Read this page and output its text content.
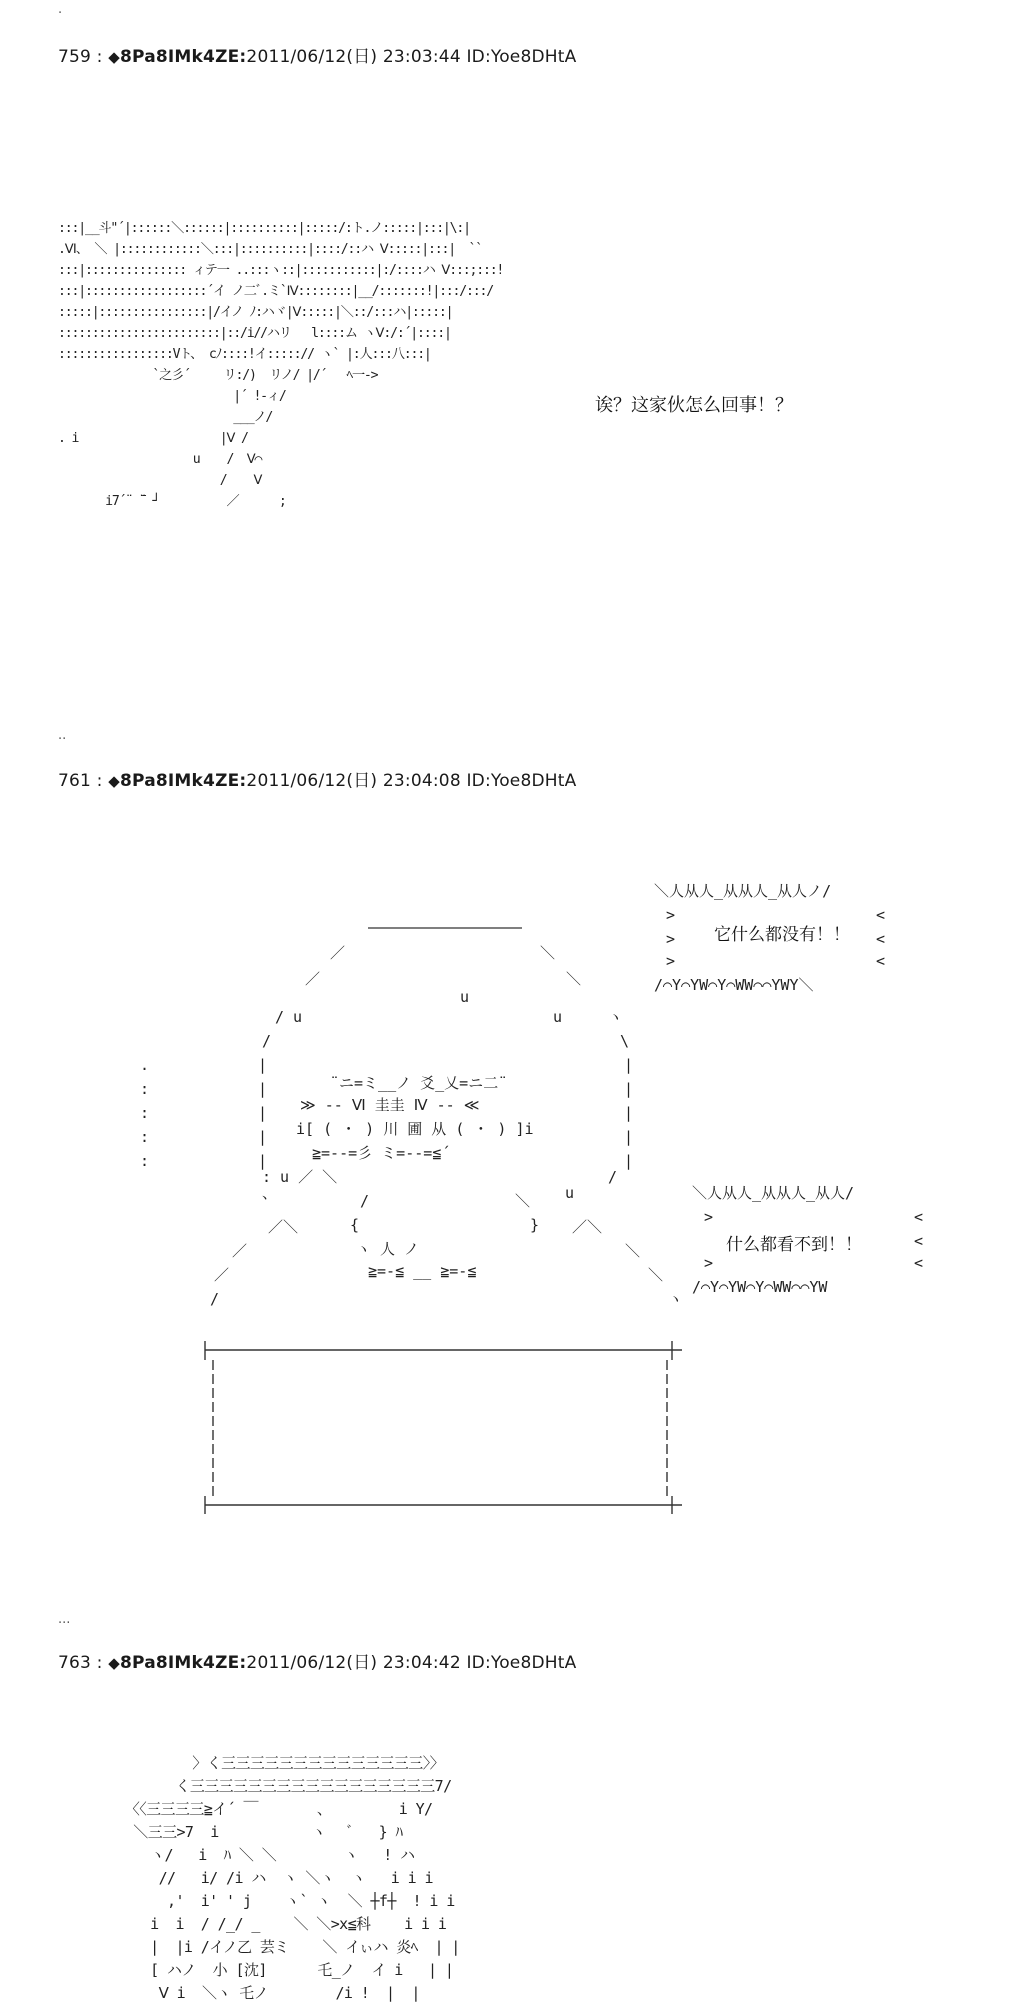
.
..
...
759 : ◆8Pa8IMk4ZE:2011/06/12(日) 23:03:44 ID:Yoe8DHtA
:::|__斗"´|::::::＼::::::|::::::::::|:::::/:ト.ノ:::::|:::|\:|
.Ⅵ、 ＼ |::::::::::::＼:::|::::::::::|::::/::ハ Ⅴ:::::|:::|  ``
:::|::::::::::::::: ィテ一 ..:::ヽ::|:::::::::::|:/::::ハ Ⅴ:::;:::!
:::|::::::::::::::::::´イ ノ二ﾞ.ミ`Ⅳ::::::::|__/:::::::!|:::/:::/
:::::|::::::::::::::::|/イノ ﾉ:ハヾ|Ⅴ:::::|＼::/:::ハ|:::::|
::::::::::::::::::::::::|::/i//ハリ   l::::ム ヽⅤ:/:´|::::|
:::::::::::::::::Vト、 cﾉ::::!イ:::::// ヽ` |:人:::八:::|
`之彡´     リ:/)  リノ/ |/´   ﾍ一‐>
|´ !-ィ/
___ノ/
. i                     |Ⅴ /
u    /  Ⅴ⌒
/    Ⅴ
i7´¨ ̄¨ ┘          ／      ;
诶？这家伙怎么回事！？
761 : ◆8Pa8IMk4ZE:2011/06/12(日) 23:04:08 ID:Yoe8DHtA
／
／
＼
＼
u
/ u	u	ヽ
/	\
|
|
|
|
|
|
|
|
|
|
.
:
:
:
:
¨ニ=ミ__ノ 爻_乂=ニ二¨
≫ -- Ⅵ 圭圭 Ⅳ -- ≪
i[ ( ・ ) 川 圃 从 ( ・ ) ]i
≧=--=彡 ミ=--=≦´
: u ／ ＼
u
、
/
/	＼
{	}
ヽ 人 ノ
≧=-≦ __ ≧=-≦
／＼	／＼
／	＼
／	＼
/	ヽ
＼人从人_从从人_从人ノ/
>
>
>
<
<
<
/⌒Y⌒YW⌒Y⌒WW⌒⌒YWY＼
＼人从人_从从人_从人/
>
>
<
<
<
/⌒Y⌒YW⌒Y⌒WW⌒⌒YW
它什么都没有！！
什么都看不到！！
763 : ◆8Pa8IMk4ZE:2011/06/12(日) 23:04:42 ID:Yoe8DHtA
〉く三三三三三三三三三三三三三三〉〉
く三三三三三三三三三三三三三三三三三7/
〈〈三三三三≧イ´ ￣       、        i Y/
＼三三>7  i           ヽ   ﾞ   } ﾊ
ヽ/   i  ﾊ ＼ ＼        ヽ   ! ハ
//   i/ /i ハ  ヽ ＼ヽ  ヽ   i i i
,'  i' ' j    ヽ` ヽ  ＼ ┼f┼  ! i i
i  i  / /_/ _    ＼ ＼>x≦科    i i i
|  |i /イノ乙 芸ミ    ＼ イぃハ 炎ﾍ  | |
[ ハノ  小 [沈]      乇_ノ  イ i   | |
Ⅴ i  ＼ヽ 乇ノ        /i !  |  |
